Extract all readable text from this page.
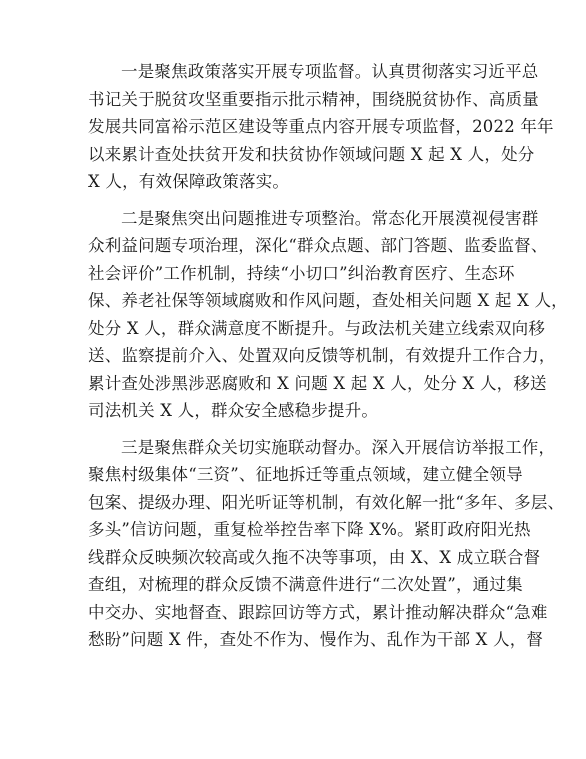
一是聚焦政策落实开展专项监督。认真贯彻落实习近平总
书记关于脱贫攻坚重要指示批示精神，围绕脱贫协作、高质量
发展共同富裕示范区建设等重点内容开展专项监督，2022 年年
以来累计查处扶贫开发和扶贫协作领域问题 X 起 X 人，处分
X 人，有效保障政策落实。
二是聚焦突出问题推进专项整治。常态化开展漠视侵害群
众利益问题专项治理，深化“群众点题、部门答题、监委监督、
社会评价”工作机制，持续“小切口”纠治教育医疗、生态环
保、养老社保等领域腐败和作风问题，查处相关问题 X 起 X 人，
处分 X 人，群众满意度不断提升。与政法机关建立线索双向移
送、监察提前介入、处置双向反馈等机制，有效提升工作合力，
累计查处涉黑涉恶腐败和 X 问题 X 起 X 人，处分 X 人，移送
司法机关 X 人，群众安全感稳步提升。
三是聚焦群众关切实施联动督办。深入开展信访举报工作，
聚焦村级集体“三资”、征地拆迁等重点领域，建立健全领导
包案、提级办理、阳光听证等机制，有效化解一批“多年、多层、
多头”信访问题，重复检举控告率下降 X%。紧盯政府阳光热
线群众反映频次较高或久拖不决等事项，由 X、X 成立联合督
查组，对梳理的群众反馈不满意件进行“二次处置”，通过集
中交办、实地督查、跟踪回访等方式，累计推动解决群众“急难
愁盼”问题 X 件，查处不作为、慢作为、乱作为干部 X 人，督
